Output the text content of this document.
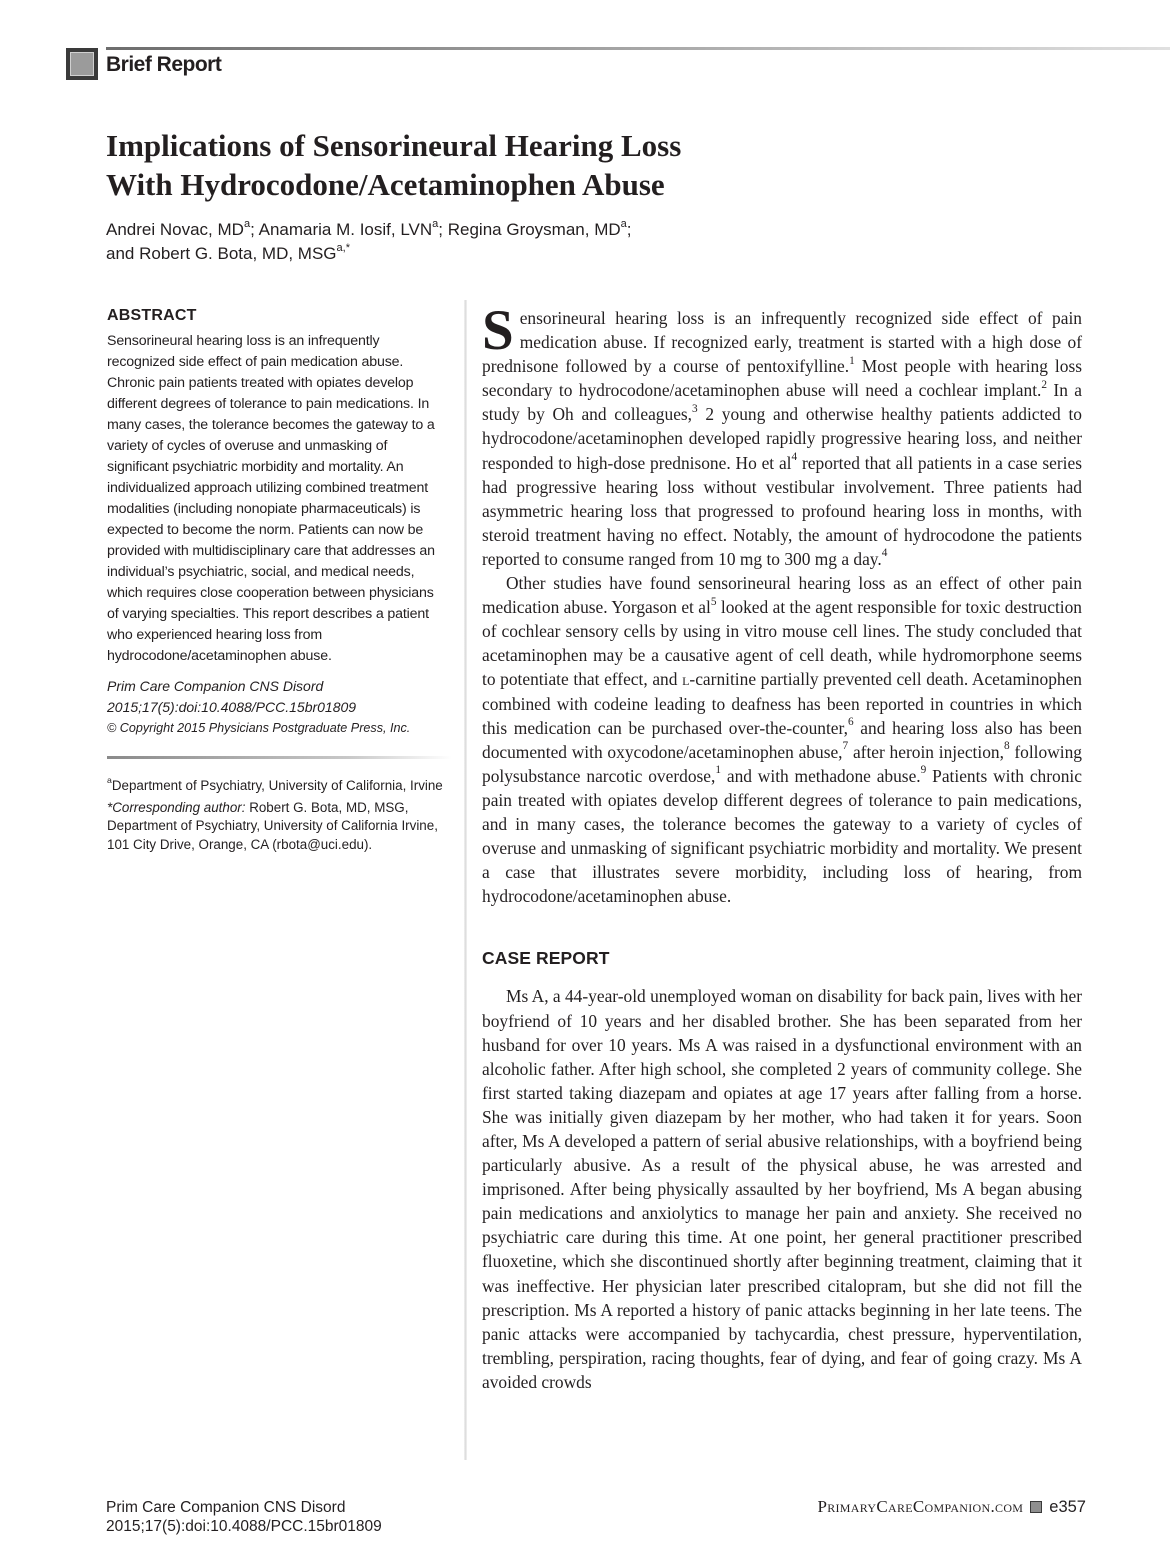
Brief Report
Implications of Sensorineural Hearing Loss
With Hydrocodone/Acetaminophen Abuse
Andrei Novac, $MD^a$; Anamaria M. Iosif, LVN$^a$; Regina Groysman, $MD^a$;
and Robert G. Bota, MD, $MSG^{a,*}$
ABSTRACT
Sensorineural hearing loss is an infrequently recognized side effect of pain medication abuse. Chronic pain patients treated with opiates develop different degrees of tolerance to pain medications. In many cases, the tolerance becomes the gateway to a variety of cycles of overuse and unmasking of significant psychiatric morbidity and mortality. An individualized approach utilizing combined treatment modalities (including nonopiate pharmaceuticals) is expected to become the norm. Patients can now be provided with multidisciplinary care that addresses an individual’s psychiatric, social, and medical needs, which requires close cooperation between physicians of varying specialties. This report describes a patient who experienced hearing loss from hydrocodone/acetaminophen abuse.
Prim Care Companion CNS Disord
2015;17(5):doi:10.4088/PCC.15br01809
© Copyright 2015 Physicians Postgraduate Press, Inc.

$^a$Department of Psychiatry, University of California, Irvine

*Corresponding author: Robert G. Bota, MD, MSG, Department of Psychiatry, University of California Irvine, 101 City Drive, Orange, CA (rbota@uci.edu).

Sensorineural hearing loss is an infrequently recognized side effect of pain medication abuse. If recognized early, treatment is started with a high dose of prednisone followed by a course of pentoxifylline.$^1$ Most people with hearing loss secondary to hydrocodone/acetaminophen abuse will need a cochlear implant.$^2$ In a study by Oh and colleagues,$^3$ 2 young and otherwise healthy patients addicted to hydrocodone/acetaminophen developed rapidly progressive hearing loss, and neither responded to high-dose prednisone. Ho et $al^4$ reported that all patients in a case series had progressive hearing loss without vestibular involvement. Three patients had asymmetric hearing loss that progressed to profound hearing loss in months, with steroid treatment having no effect. Notably, the amount of hydrocodone the patients reported to consume ranged from 10 mg to 300 mg a day.$^4$

Other studies have found sensorineural hearing loss as an effect of other pain medication abuse. Yorgason et $al^5$ looked at the agent responsible for toxic destruction of cochlear sensory cells by using in vitro mouse cell lines. The study concluded that acetaminophen may be a causative agent of cell death, while hydromorphone seems to potentiate that effect, and l-carnitine partially prevented cell death. Acetaminophen combined with codeine leading to deafness has been reported in countries in which this medication can be purchased over-the-counter,$^6$ and hearing loss also has been documented with oxycodone/acetaminophen abuse,$^7$ after heroin injection,$^8$ following polysubstance narcotic overdose,$^1$ and with methadone abuse.$^9$ Patients with chronic pain treated with opiates develop different degrees of tolerance to pain medications, and in many cases, the tolerance becomes the gateway to a variety of cycles of overuse and unmasking of significant psychiatric morbidity and mortality. We present a case that illustrates severe morbidity, including loss of hearing, from hydrocodone/acetaminophen abuse.

CASE REPORT

Ms A, a 44-year-old unemployed woman on disability for back pain, lives with her boyfriend of 10 years and her disabled brother. She has been separated from her husband for over 10 years. Ms A was raised in a dysfunctional environment with an alcoholic father. After high school, she completed 2 years of community college. She first started taking diazepam and opiates at age 17 years after falling from a horse. She was initially given diazepam by her mother, who had taken it for years. Soon after, Ms A developed a pattern of serial abusive relationships, with a boyfriend being particularly abusive. As a result of the physical abuse, he was arrested and imprisoned. After being physically assaulted by her boyfriend, Ms A began abusing pain medications and anxiolytics to manage her pain and anxiety. She received no psychiatric care during this time. At one point, her general practitioner prescribed fluoxetine, which she discontinued shortly after beginning treatment, claiming that it was ineffective. Her physician later prescribed citalopram, but she did not fill the prescription. Ms A reported a history of panic attacks beginning in her late teens. The panic attacks were accompanied by tachycardia, chest pressure, hyperventilation, trembling, perspiration, racing thoughts, fear of dying, and fear of going crazy. Ms A avoided crowds

Prim Care Companion CNS Disord
2015;17(5):doi:10.4088/PCC.15br01809
PrimaryCareCompanion.com e357
